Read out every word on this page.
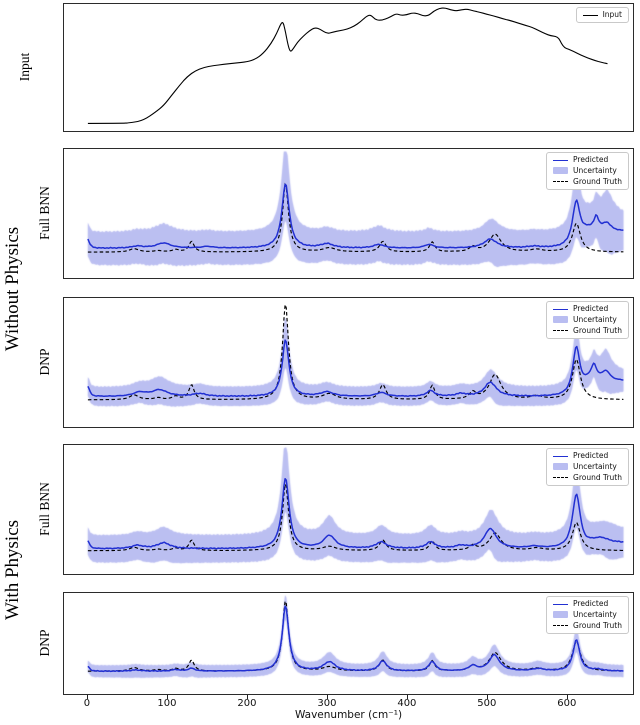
Input
Full BNN
DNP
Full BNN
DNP
Without Physics
With Physics
Input
Predicted
Uncertainty
Ground Truth
Predicted
Uncertainty
Ground Truth
Predicted
Uncertainty
Ground Truth
Predicted
Uncertainty
Ground Truth
0	100	200	300	400	500	600
Wavenumber (cm⁻¹)
